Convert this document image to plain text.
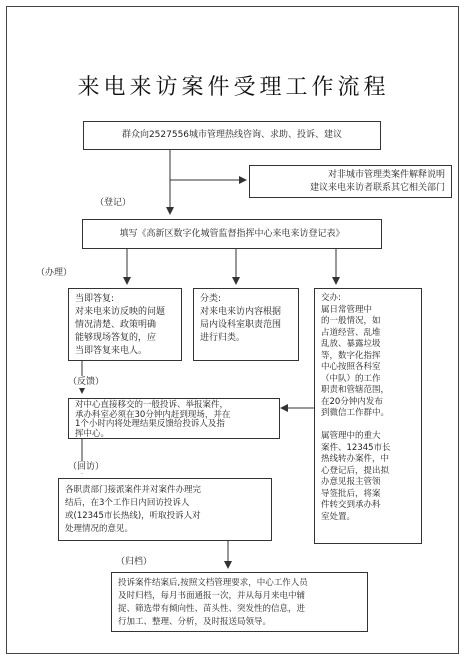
来电来访案件受理工作流程
群众向2527556城市管理热线咨询、求助、投诉、建议
对非城市管理类案件解释说明
建议来电来访者联系其它相关部门
（登记）
填写《高新区数字化城管监督指挥中心来电来访登记表》
（办理）
当即答复:
对来电来访反映的问题
情况清楚、政策明确
能够现场答复的，应
当即答复来电人。
分类:
对来电来访内容根据
局内设科室职责范围
进行归类。
交办:
属日常管理中
的一般情况，如
占道经营、乱堆
乱放、暴露垃圾
等，数字化指挥
中心按照各科室
（中队）的工作
职责和管辖范围，
在20分钟内发布
到微信工作群中。

属管理中的重大
案件、12345市长
热线转办案件，中
心登记后，提出拟
办意见报主管领
导签批后，将案
件转交到承办科
室处置。
（反馈）
对中心直接移交的一般投诉、举报案件，
承办科室必须在30分钟内赶到现场，并在
1个小时内将处理结果反馈给投诉人及指
挥中心。
（回访）
各职责部门接派案件并对案件办理完
结后，在3个工作日内回访投诉人
或(12345市长热线)，听取投诉人对
处理情况的意见。
（归档）
投诉案件结案后,按照文档管理要求，中心工作人员
及时归档，每月书面通报一次，并从每月来电中辅
捉、筛选带有倾向性、苗头性、突发性的信息，进
行加工、整理、分析，及时报送局领导。
